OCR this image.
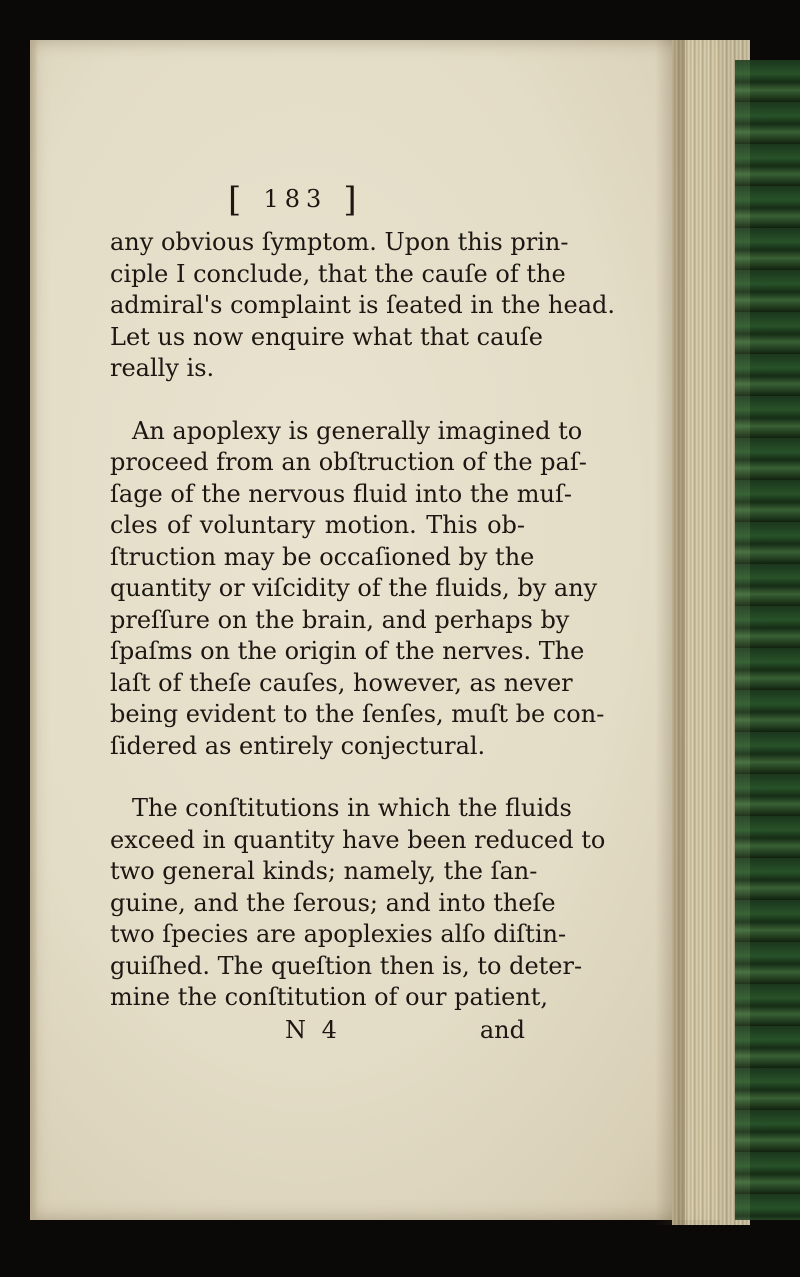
[ 183 ]
any obvious ſymptom. Upon this prin-
ciple I conclude, that the cauſe of the
admiral's complaint is ſeated in the head.
Let us now enquire what that cauſe
really is.
An apoplexy is generally imagined to
proceed from an obſtruction of the paſ-
ſage of the nervous fluid into the muſ-
cles of voluntary motion. This ob-
ſtruction may be occaſioned by the
quantity or viſcidity of the fluids, by any
preſſure on the brain, and perhaps by
ſpaſms on the origin of the nerves. The
laſt of theſe cauſes, however, as never
being evident to the ſenſes, muſt be con-
ſidered as entirely conjectural.
The conſtitutions in which the fluids
exceed in quantity have been reduced to
two general kinds; namely, the ſan-
guine, and the ſerous; and into theſe
two ſpecies are apoplexies alſo diſtin-
guiſhed. The queſtion then is, to deter-
mine the conſtitution of our patient,
N 4	and
